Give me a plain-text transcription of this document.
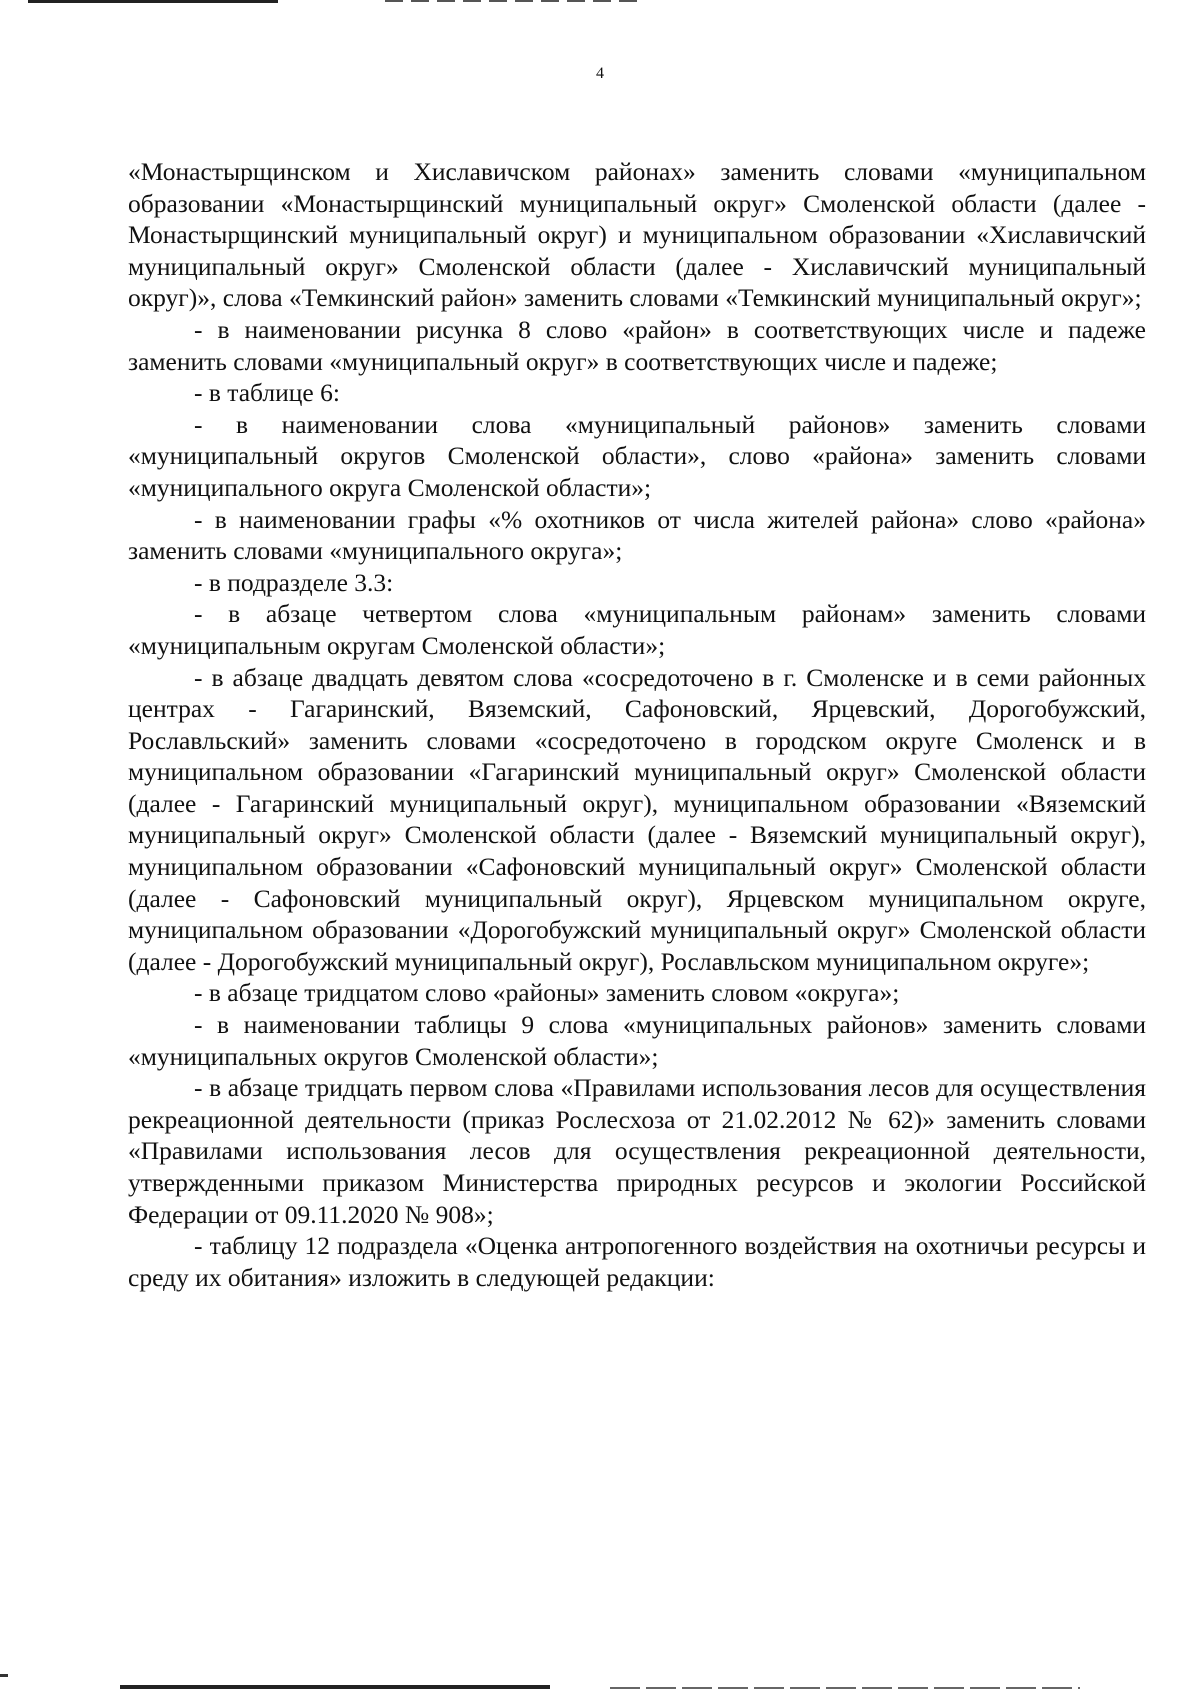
4

«Монастырщинском и Хиславичском районах» заменить словами «муниципальном образовании «Монастырщинский муниципальный округ» Смоленской области (далее - Монастырщинский муниципальный округ) и муниципальном образовании «Хиславичский муниципальный округ» Смоленской области (далее - Хиславичский муниципальный округ)», слова «Темкинский район» заменить словами «Темкинский муниципальный округ»;

- в наименовании рисунка 8 слово «район» в соответствующих числе и падеже заменить словами «муниципальный округ» в соответствующих числе и падеже;

- в таблице 6:

- в наименовании слова «муниципальный районов» заменить словами «муниципальный округов Смоленской области», слово «района» заменить словами «муниципального округа Смоленской области»;

- в наименовании графы «% охотников от числа жителей района» слово «района» заменить словами «муниципального округа»;

- в подразделе 3.3:

- в абзаце четвертом слова «муниципальным районам» заменить словами «муниципальным округам Смоленской области»;

- в абзаце двадцать девятом слова «сосредоточено в г. Смоленске и в семи районных центрах - Гагаринский, Вяземский, Сафоновский, Ярцевский, Дорогобужский, Рославльский» заменить словами «сосредоточено в городском округе Смоленск и в муниципальном образовании «Гагаринский муниципальный округ» Смоленской области (далее - Гагаринский муниципальный округ), муниципальном образовании «Вяземский муниципальный округ» Смоленской области (далее - Вяземский муниципальный округ), муниципальном образовании «Сафоновский муниципальный округ» Смоленской области (далее - Сафоновский муниципальный округ), Ярцевском муниципальном округе, муниципальном образовании «Дорогобужский муниципальный округ» Смоленской области (далее - Дорогобужский муниципальный округ), Рославльском муниципальном округе»;

- в абзаце тридцатом слово «районы» заменить словом «округа»;

- в наименовании таблицы 9 слова «муниципальных районов» заменить словами «муниципальных округов Смоленской области»;

- в абзаце тридцать первом слова «Правилами использования лесов для осуществления рекреационной деятельности (приказ Рослесхоза от 21.02.2012 № 62)» заменить словами «Правилами использования лесов для осуществления рекреационной деятельности, утвержденными приказом Министерства природных ресурсов и экологии Российской Федерации от 09.11.2020 № 908»;

- таблицу 12 подраздела «Оценка антропогенного воздействия на охотничьи ресурсы и среду их обитания» изложить в следующей редакции:
